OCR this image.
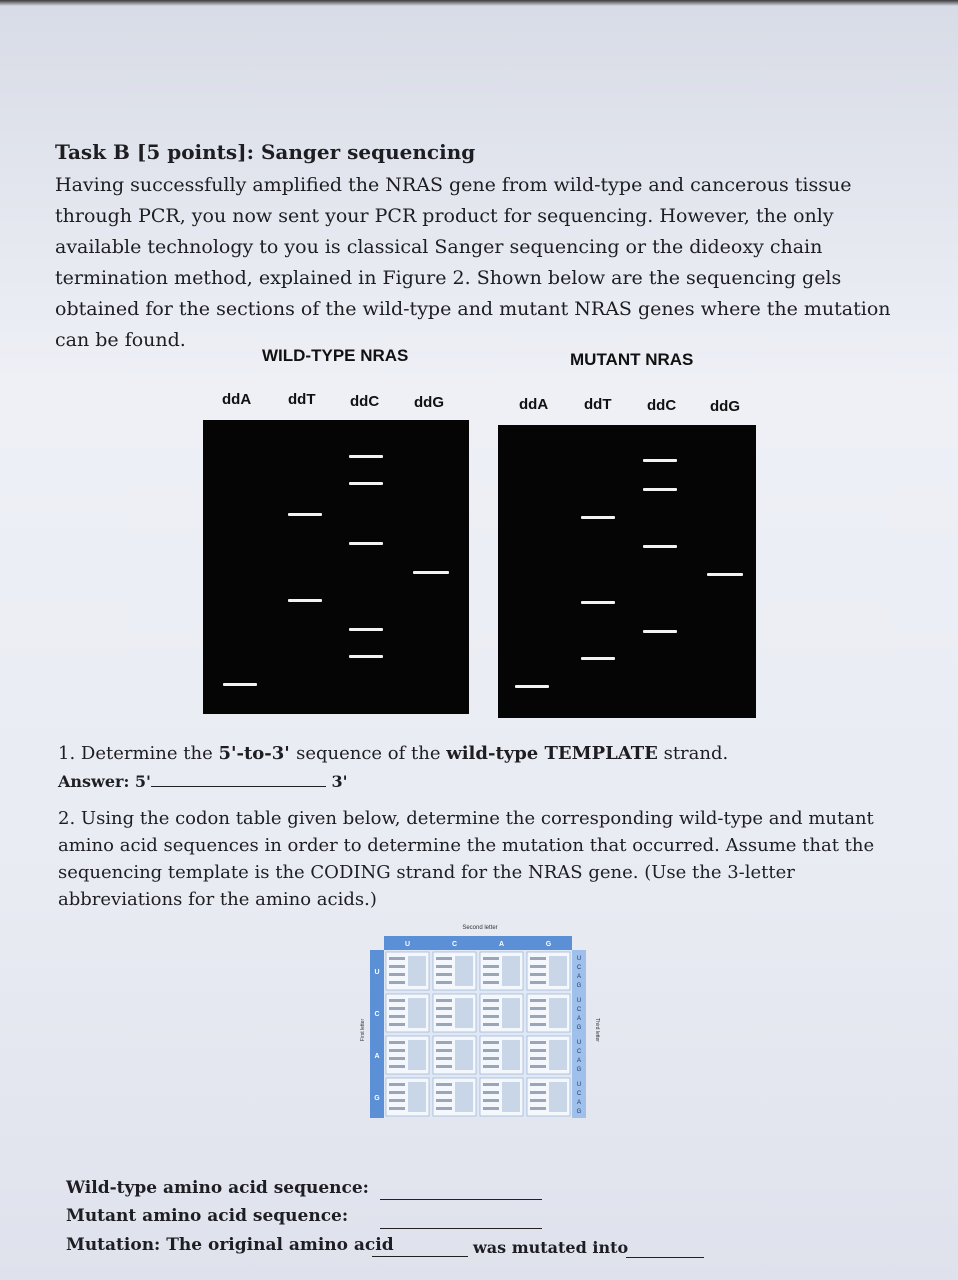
Task B [5 points]: Sanger sequencing
Having successfully amplified the NRAS gene from wild-type and cancerous tissue through PCR, you now sent your PCR product for sequencing. However, the only available technology to you is classical Sanger sequencing or the dideoxy chain termination method, explained in Figure 2. Shown below are the sequencing gels obtained for the sections of the wild-type and mutant NRAS genes where the mutation can be found.
WILD-TYPE NRAS
ddA ddT ddC ddG
MUTANT NRAS
ddA ddT ddC ddG
1. Determine the 5'-to-3' sequence of the wild-type TEMPLATE strand.
Answer: 5'	3'
2. Using the codon table given below, determine the corresponding wild-type and mutant amino acid sequences in order to determine the mutation that occurred. Assume that the sequencing template is the CODING strand for the NRAS gene. (Use the 3-letter abbreviations for the amino acids.)
Second letter
U	C	A	G
U
U
C
A
G
C
U
C
A
G
A
U
C
A
G
G
U
C
A
G
First letter	Third letter
Wild-type amino acid sequence:
Mutant amino acid sequence:
Mutation: The original amino acid	was mutated into
